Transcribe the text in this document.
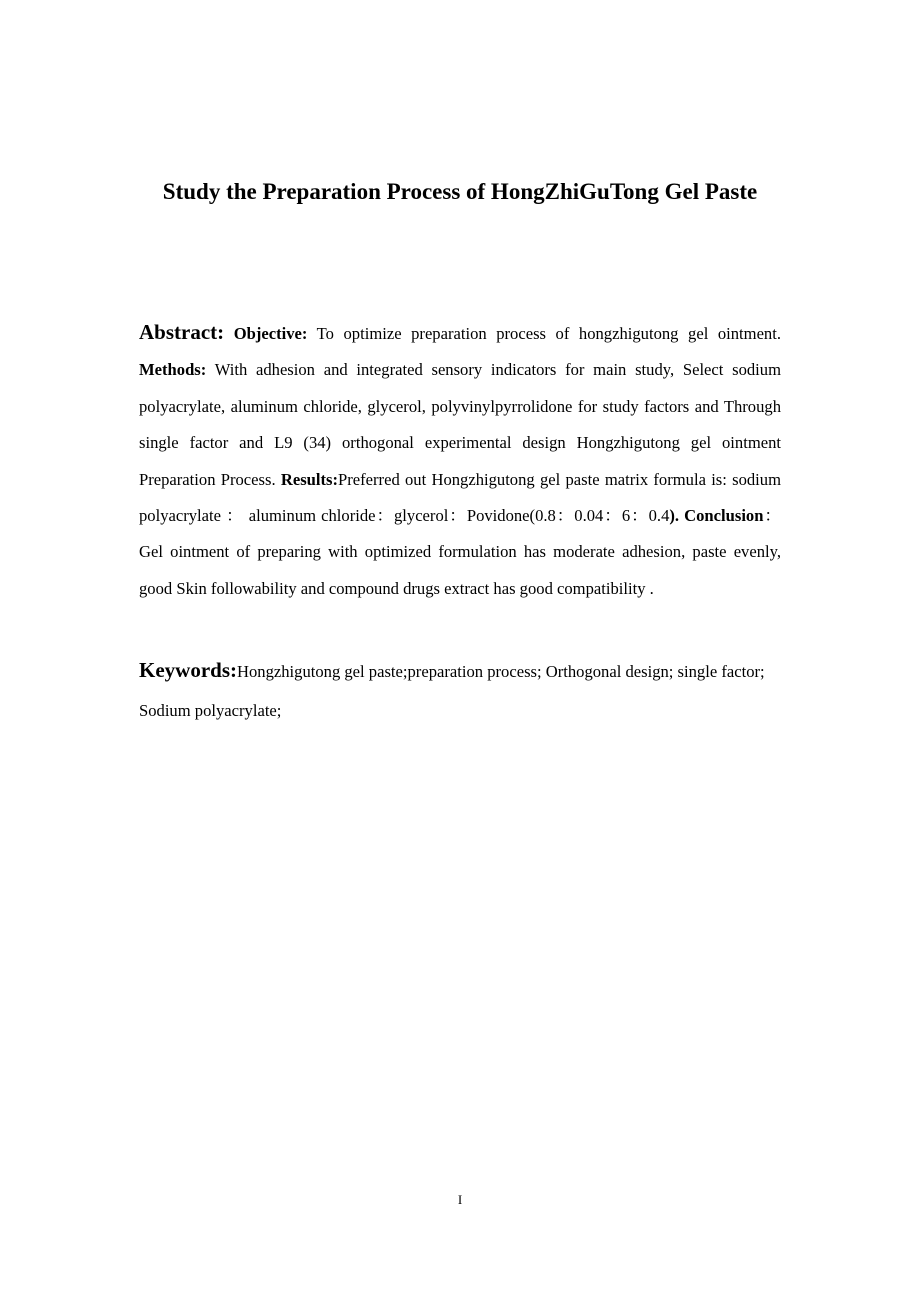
Study the Preparation Process of HongZhiGuTong Gel Paste

Abstract: Objective: To optimize preparation process of hongzhigutong gel ointment. Methods: With adhesion and integrated sensory indicators for main study, Select sodium polyacrylate, aluminum chloride, glycerol, polyvinylpyrrolidone for study factors and Through single factor and L9 (34) orthogonal experimental design Hongzhigutong gel ointment Preparation Process. Results:Preferred out Hongzhigutong gel paste matrix formula is: sodium polyacrylate ： aluminum chloride：glycerol：Povidone(0.8：0.04：6：0.4). Conclusion：Gel ointment of preparing with optimized formulation has moderate adhesion, paste evenly, good Skin followability and compound drugs extract has good compatibility .

Keywords:Hongzhigutong gel paste;preparation process; Orthogonal design; single factor; Sodium polyacrylate;

I
